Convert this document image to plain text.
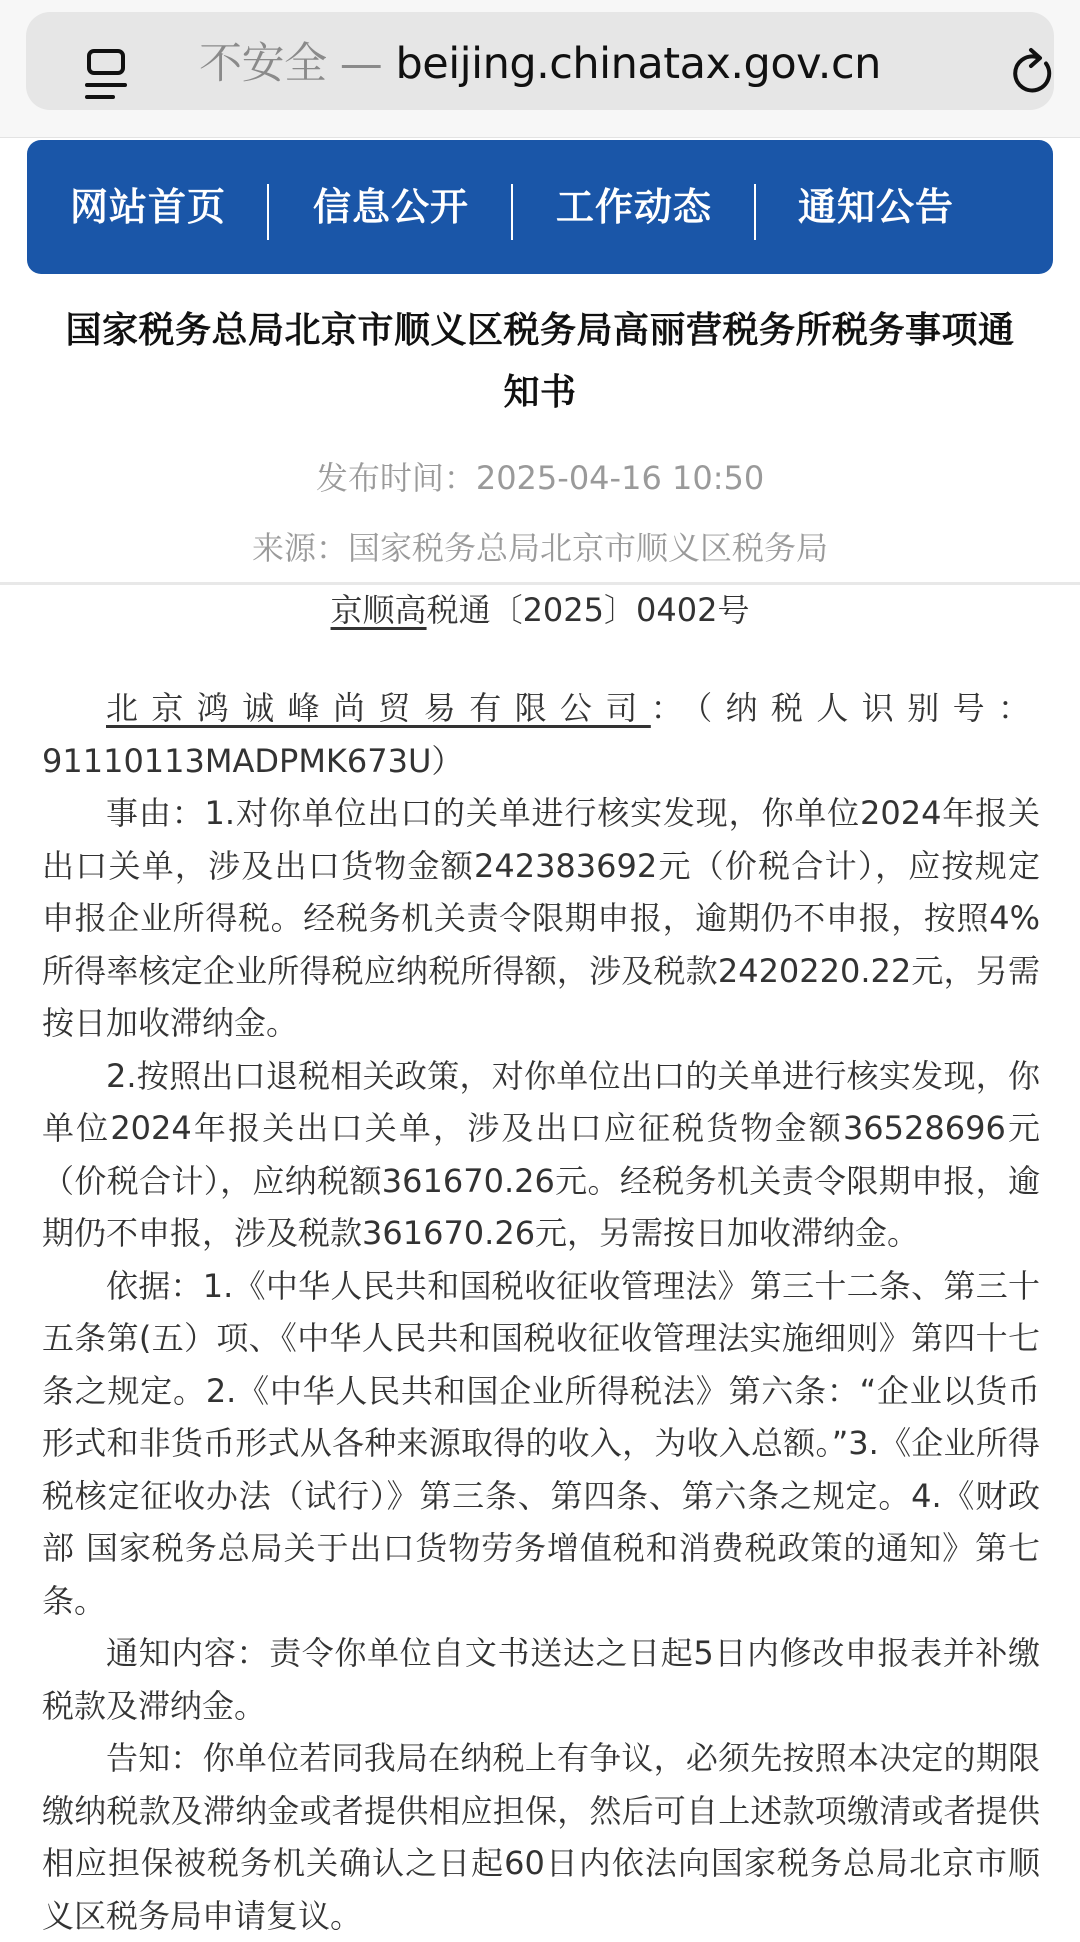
不安全 — beijing.chinatax.gov.cn
网站首页 信息公开 工作动态 通知公告
国家税务总局北京市顺义区税务局高丽营税务所税务事项通
知书
发布时间：2025-04-16 10:50
来源：国家税务总局北京市顺义区税务局
京顺高税通〔2025〕0402号

北京鸿诚峰尚贸易有限公司：（纳税人识别号：91110113MADPMK673U）

事由：1.对你单位出口的关单进行核实发现，你单位2024年报关出口关单，涉及出口货物金额242383692元（价税合计），应按规定申报企业所得税。经税务机关责令限期申报，逾期仍不申报，按照4%所得率核定企业所得税应纳税所得额，涉及税款2420220.22元，另需按日加收滞纳金。

2.按照出口退税相关政策，对你单位出口的关单进行核实发现，你单位2024年报关出口关单，涉及出口应征税货物金额36528696元（价税合计），应纳税额361670.26元。经税务机关责令限期申报，逾期仍不申报，涉及税款361670.26元，另需按日加收滞纳金。

依据：1.《中华人民共和国税收征收管理法》第三十二条、第三十五条第(五）项、《中华人民共和国税收征收管理法实施细则》第四十七条之规定。2.《中华人民共和国企业所得税法》第六条：“企业以货币形式和非货币形式从各种来源取得的收入，为收入总额。”3.《企业所得税核定征收办法（试行）》第三条、第四条、第六条之规定。4.《财政部 国家税务总局关于出口货物劳务增值税和消费税政策的通知》第七条。

通知内容：责令你单位自文书送达之日起5日内修改申报表并补缴税款及滞纳金。

告知：你单位若同我局在纳税上有争议，必须先按照本决定的期限缴纳税款及滞纳金或者提供相应担保，然后可自上述款项缴清或者提供相应担保被税务机关确认之日起60日内依法向国家税务总局北京市顺义区税务局申请复议。
